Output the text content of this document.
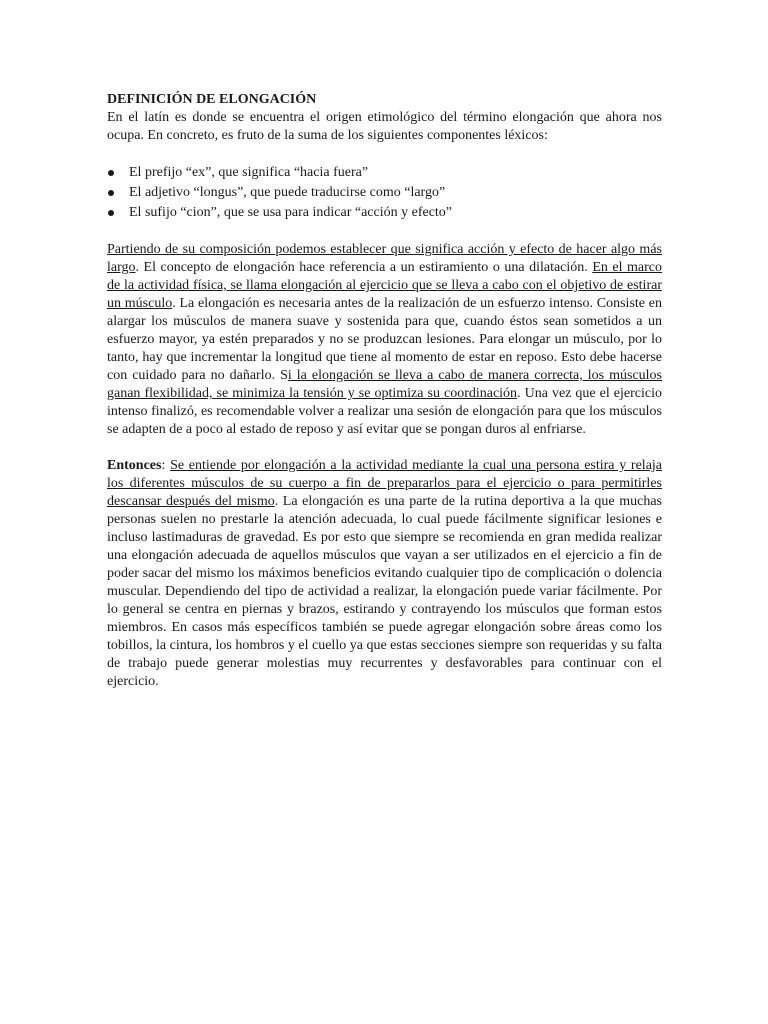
DEFINICIÓN DE ELONGACIÓN

En el latín es donde se encuentra el origen etimológico del término elongación que ahora nos ocupa. En concreto, es fruto de la suma de los siguientes componentes léxicos:

El prefijo “ex”, que significa “hacia fuera”
El adjetivo “longus”, que puede traducirse como “largo”
El sufijo “cion”, que se usa para indicar “acción y efecto”

Partiendo de su composición podemos establecer que significa acción y efecto de hacer algo más largo. El concepto de elongación hace referencia a un estiramiento o una dilatación. En el marco de la actividad física, se llama elongación al ejercicio que se lleva a cabo con el objetivo de estirar un músculo. La elongación es necesaria antes de la realización de un esfuerzo intenso. Consiste en alargar los músculos de manera suave y sostenida para que, cuando éstos sean sometidos a un esfuerzo mayor, ya estén preparados y no se produzcan lesiones. Para elongar un músculo, por lo tanto, hay que incrementar la longitud que tiene al momento de estar en reposo. Esto debe hacerse con cuidado para no dañarlo. Si la elongación se lleva a cabo de manera correcta, los músculos ganan flexibilidad, se minimiza la tensión y se optimiza su coordinación. Una vez que el ejercicio intenso finalizó, es recomendable volver a realizar una sesión de elongación para que los músculos se adapten de a poco al estado de reposo y así evitar que se pongan duros al enfriarse.

Entonces: Se entiende por elongación a la actividad mediante la cual una persona estira y relaja los diferentes músculos de su cuerpo a fin de prepararlos para el ejercicio o para permitirles descansar después del mismo. La elongación es una parte de la rutina deportiva a la que muchas personas suelen no prestarle la atención adecuada, lo cual puede fácilmente significar lesiones e incluso lastimaduras de gravedad. Es por esto que siempre se recomienda en gran medida realizar una elongación adecuada de aquellos músculos que vayan a ser utilizados en el ejercicio a fin de poder sacar del mismo los máximos beneficios evitando cualquier tipo de complicación o dolencia muscular. Dependiendo del tipo de actividad a realizar, la elongación puede variar fácilmente. Por lo general se centra en piernas y brazos, estirando y contrayendo los músculos que forman estos miembros. En casos más específicos también se puede agregar elongación sobre áreas como los tobillos, la cintura, los hombros y el cuello ya que estas secciones siempre son requeridas y su falta de trabajo puede generar molestias muy recurrentes y desfavorables para continuar con el ejercicio.
